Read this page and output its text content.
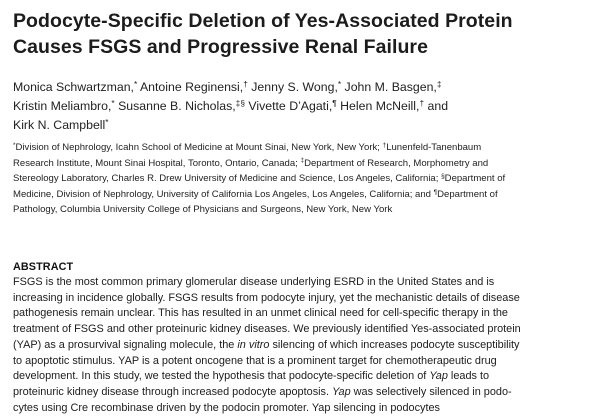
Podocyte-Specific Deletion of Yes-Associated Protein
Causes FSGS and Progressive Renal Failure
Monica Schwartzman,* Antoine Reginensi,† Jenny S. Wong,* John M. Basgen,‡
Kristin Meliambro,* Susanne B. Nicholas,‡§ Vivette D’Agati,¶ Helen McNeill,† and
Kirk N. Campbell*
*Division of Nephrology, Icahn School of Medicine at Mount Sinai, New York, New York; †Lunenfeld-Tanenbaum
Research Institute, Mount Sinai Hospital, Toronto, Ontario, Canada; ‡Department of Research, Morphometry and
Stereology Laboratory, Charles R. Drew University of Medicine and Science, Los Angeles, California; §Department of
Medicine, Division of Nephrology, University of California Los Angeles, Los Angeles, California; and ¶Department of
Pathology, Columbia University College of Physicians and Surgeons, New York, New York
ABSTRACT
FSGS is the most common primary glomerular disease underlying ESRD in the United States and is
increasing in incidence globally. FSGS results from podocyte injury, yet the mechanistic details of disease
pathogenesis remain unclear. This has resulted in an unmet clinical need for cell-specific therapy in the
treatment of FSGS and other proteinuric kidney diseases. We previously identified Yes-associated protein
(YAP) as a prosurvival signaling molecule, the in vitro silencing of which increases podocyte susceptibility
to apoptotic stimulus. YAP is a potent oncogene that is a prominent target for chemotherapeutic drug
development. In this study, we tested the hypothesis that podocyte-specific deletion of Yap leads to
proteinuric kidney disease through increased podocyte apoptosis. Yap was selectively silenced in podo-
cytes using Cre recombinase driven by the podocin promoter. Yap silencing in podocytes
